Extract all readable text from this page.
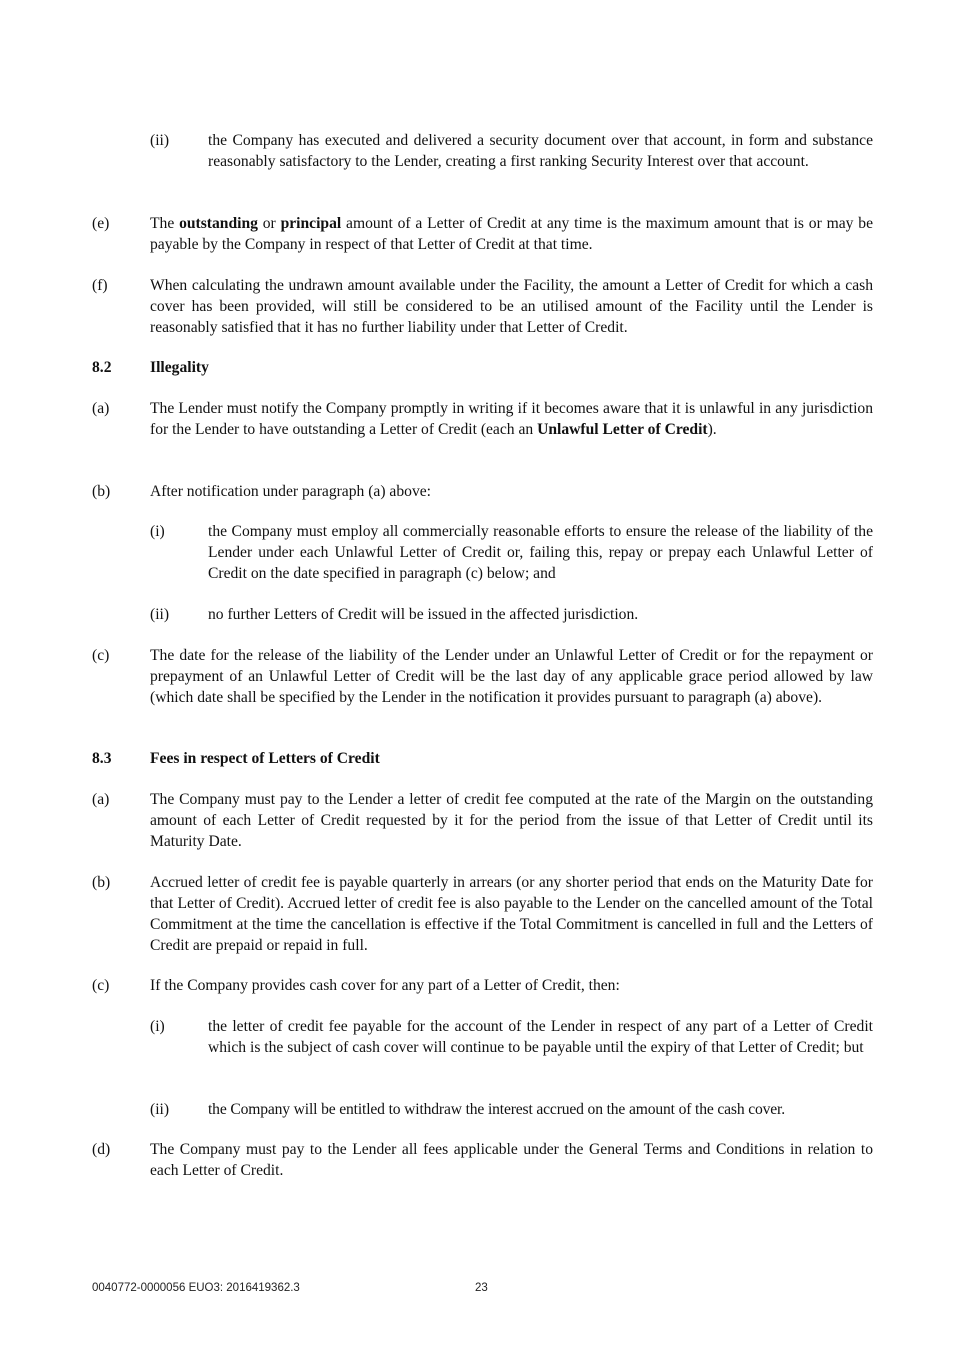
(ii) the Company has executed and delivered a security document over that account, in form and substance reasonably satisfactory to the Lender, creating a first ranking Security Interest over that account.
(e)	The outstanding or principal amount of a Letter of Credit at any time is the maximum amount that is or may be payable by the Company in respect of that Letter of Credit at that time.
(f)	When calculating the undrawn amount available under the Facility, the amount a Letter of Credit for which a cash cover has been provided, will still be considered to be an utilised amount of the Facility until the Lender is reasonably satisfied that it has no further liability under that Letter of Credit.
8.2 Illegality
(a)	The Lender must notify the Company promptly in writing if it becomes aware that it is unlawful in any jurisdiction for the Lender to have outstanding a Letter of Credit (each an Unlawful Letter of Credit).
(b)	After notification under paragraph (a) above:
(i)	the Company must employ all commercially reasonable efforts to ensure the release of the liability of the Lender under each Unlawful Letter of Credit or, failing this, repay or prepay each Unlawful Letter of Credit on the date specified in paragraph (c) below; and
(ii) no further Letters of Credit will be issued in the affected jurisdiction.
(c)	The date for the release of the liability of the Lender under an Unlawful Letter of Credit or for the repayment or prepayment of an Unlawful Letter of Credit will be the last day of any applicable grace period allowed by law (which date shall be specified by the Lender in the notification it provides pursuant to paragraph (a) above).
8.3 Fees in respect of Letters of Credit
(a)	The Company must pay to the Lender a letter of credit fee computed at the rate of the Margin on the outstanding amount of each Letter of Credit requested by it for the period from the issue of that Letter of Credit until its Maturity Date.
(b)	Accrued letter of credit fee is payable quarterly in arrears (or any shorter period that ends on the Maturity Date for that Letter of Credit). Accrued letter of credit fee is also payable to the Lender on the cancelled amount of the Total Commitment at the time the cancellation is effective if the Total Commitment is cancelled in full and the Letters of Credit are prepaid or repaid in full.
(c)	If the Company provides cash cover for any part of a Letter of Credit, then:
(i)	the letter of credit fee payable for the account of the Lender in respect of any part of a Letter of Credit which is the subject of cash cover will continue to be payable until the expiry of that Letter of Credit; but
(ii) the Company will be entitled to withdraw the interest accrued on the amount of the cash cover.
(d)	The Company must pay to the Lender all fees applicable under the General Terms and Conditions in relation to each Letter of Credit.
0040772-0000056 EUO3: 2016419362.3	23
